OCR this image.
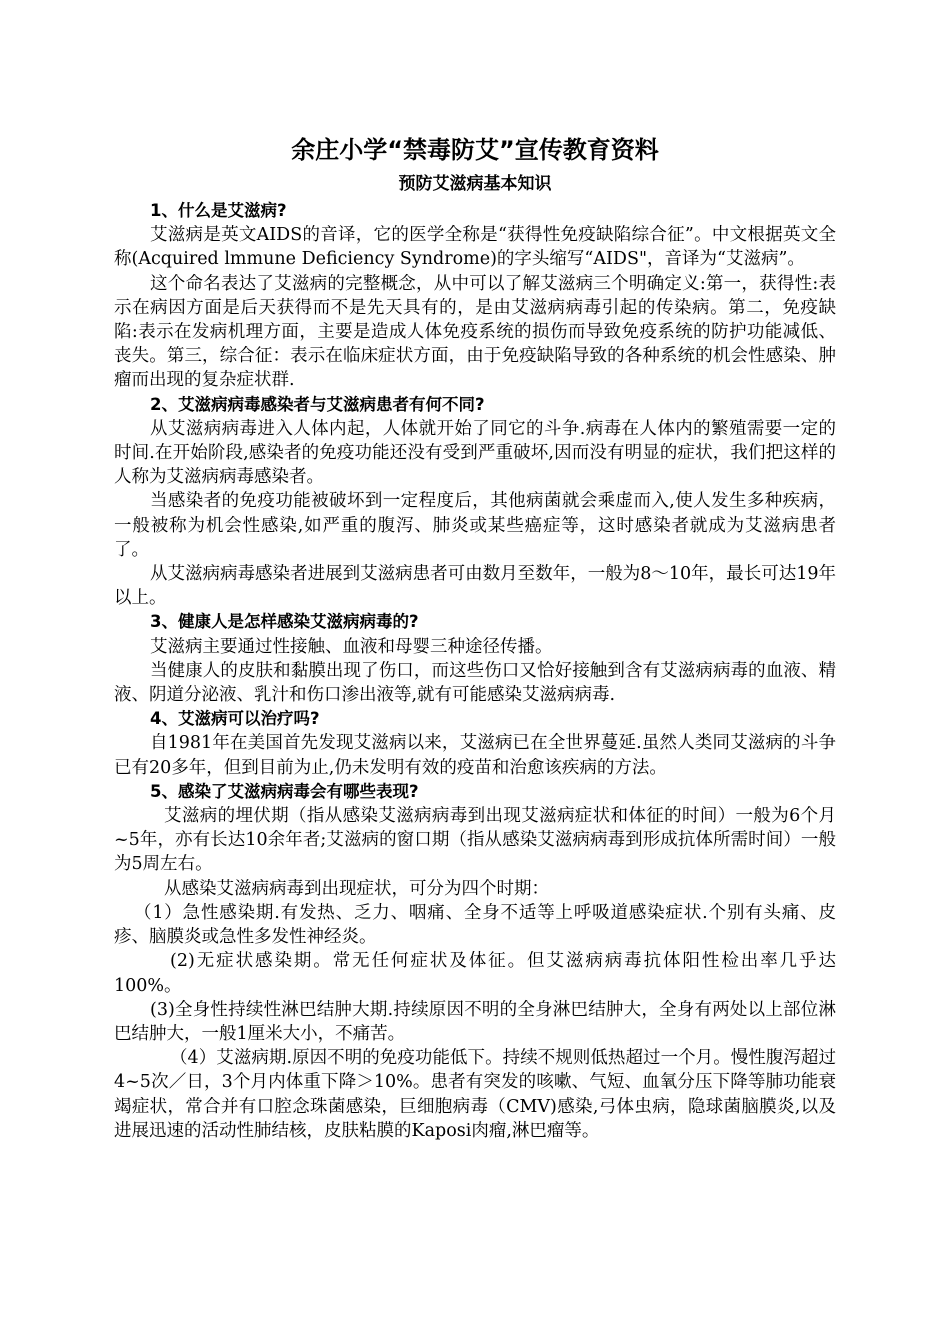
余庄小学“禁毒防艾”宣传教育资料
预防艾滋病基本知识
1、什么是艾滋病?

艾滋病是英文AIDS的音译，它的医学全称是“获得性免疫缺陷综合征”。中文根据英文全称(Acquired lmmune Deficiency Syndrome)的字头缩写“AIDS"，音译为“艾滋病”。

这个命名表达了艾滋病的完整概念，从中可以了解艾滋病三个明确定义:第一，获得性:表示在病因方面是后天获得而不是先天具有的，是由艾滋病病毒引起的传染病。第二，免疫缺陷:表示在发病机理方面，主要是造成人体免疫系统的损伤而导致免疫系统的防护功能减低、丧失。第三，综合征：表示在临床症状方面，由于免疫缺陷导致的各种系统的机会性感染、肿瘤而出现的复杂症状群.

2、艾滋病病毒感染者与艾滋病患者有何不同?

从艾滋病病毒进入人体内起，人体就开始了同它的斗争.病毒在人体内的繁殖需要一定的时间.在开始阶段,感染者的免疫功能还没有受到严重破坏,因而没有明显的症状，我们把这样的人称为艾滋病病毒感染者。

当感染者的免疫功能被破坏到一定程度后，其他病菌就会乘虚而入,使人发生多种疾病，一般被称为机会性感染,如严重的腹泻、肺炎或某些癌症等，这时感染者就成为艾滋病患者了。

从艾滋病病毒感染者进展到艾滋病患者可由数月至数年，一般为8～10年，最长可达19年以上。

3、健康人是怎样感染艾滋病病毒的?

艾滋病主要通过性接触、血液和母婴三种途径传播。

当健康人的皮肤和黏膜出现了伤口，而这些伤口又恰好接触到含有艾滋病病毒的血液、精液、阴道分泌液、乳汁和伤口渗出液等,就有可能感染艾滋病病毒.

4、艾滋病可以治疗吗?

自1981年在美国首先发现艾滋病以来，艾滋病已在全世界蔓延.虽然人类同艾滋病的斗争已有20多年，但到目前为止,仍未发明有效的疫苗和治愈该疾病的方法。

5、感染了艾滋病病毒会有哪些表现?

艾滋病的埋伏期（指从感染艾滋病病毒到出现艾滋病症状和体征的时间）一般为6个月~5年，亦有长达10余年者;艾滋病的窗口期（指从感染艾滋病病毒到形成抗体所需时间）一般为5周左右。

从感染艾滋病病毒到出现症状，可分为四个时期：

（1）急性感染期.有发热、乏力、咽痛、全身不适等上呼吸道感染症状.个别有头痛、皮疹、脑膜炎或急性多发性神经炎。

(2)无症状感染期。常无任何症状及体征。但艾滋病病毒抗体阳性检出率几乎达100%。

(3)全身性持续性淋巴结肿大期.持续原因不明的全身淋巴结肿大，全身有两处以上部位淋巴结肿大，一般1厘米大小，不痛苦。

（4）艾滋病期.原因不明的免疫功能低下。持续不规则低热超过一个月。慢性腹泻超过 4~5次／日，3个月内体重下降＞10%。患者有突发的咳嗽、气短、血氧分压下降等肺功能衰竭症状，常合并有口腔念珠菌感染，巨细胞病毒（CMV)感染,弓体虫病，隐球菌脑膜炎,以及进展迅速的活动性肺结核，皮肤粘膜的Kaposi肉瘤,淋巴瘤等。
